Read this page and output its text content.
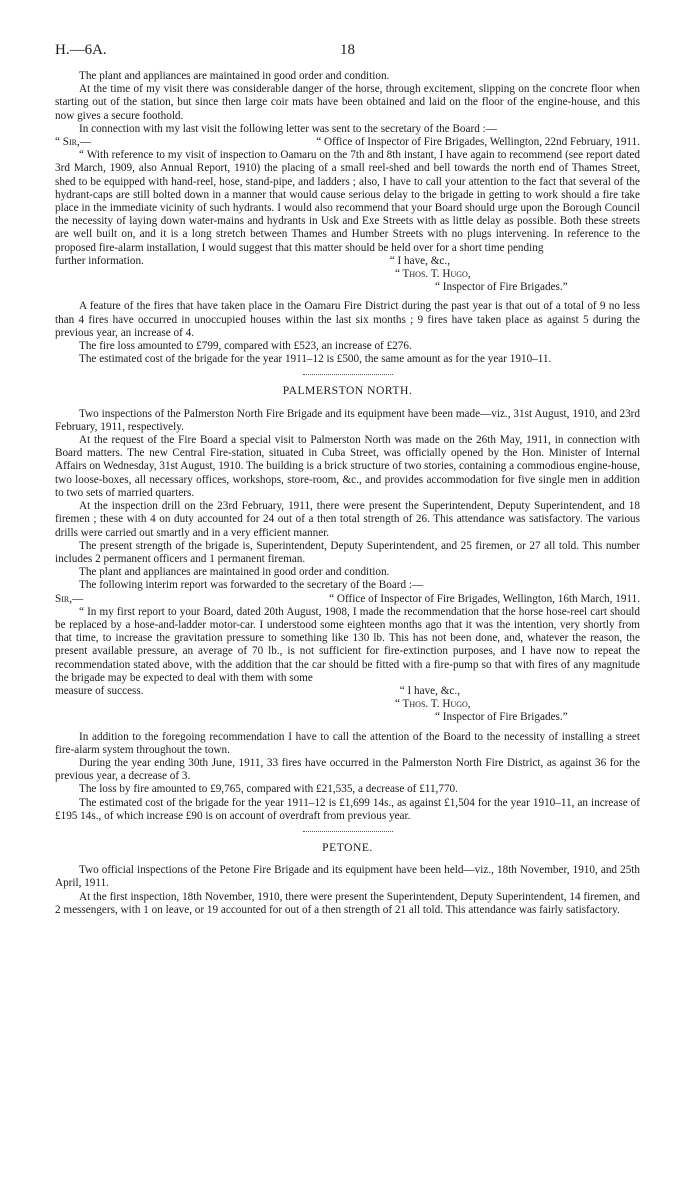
H.—6A.	18

The plant and appliances are maintained in good order and condition.

At the time of my visit there was considerable danger of the horse, through excitement, slipping on the concrete floor when starting out of the station, but since then large coir mats have been obtained and laid on the floor of the engine-house, and this now gives a secure foothold.

In connection with my last visit the following letter was sent to the secretary of the Board :—

“ Sir,—	“ Office of Inspector of Fire Brigades, Wellington, 22nd February, 1911.

“ With reference to my visit of inspection to Oamaru on the 7th and 8th instant, I have again to recommend (see report dated 3rd March, 1909, also Annual Report, 1910) the placing of a small reel-shed and bell towards the north end of Thames Street, shed to be equipped with hand-reel, hose, stand-pipe, and ladders ; also, I have to call your attention to the fact that several of the hydrant-caps are still bolted down in a manner that would cause serious delay to the brigade in getting to work should a fire take place in the immediate vicinity of such hydrants. I would also recommend that your Board should urge upon the Borough Council the necessity of laying down water-mains and hydrants in Usk and Exe Streets with as little delay as possible. Both these streets are well built on, and it is a long stretch between Thames and Humber Streets with no plugs intervening. In reference to the proposed fire-alarm installation, I would suggest that this matter should be held over for a short time pending

further information.	“ I have, &c.,
“ Thos. T. Hugo,
“ Inspector of Fire Brigades.”

A feature of the fires that have taken place in the Oamaru Fire District during the past year is that out of a total of 9 no less than 4 fires have occurred in unoccupied houses within the last six months ; 9 fires have taken place as against 5 during the previous year, an increase of 4.

The fire loss amounted to £799, compared with £523, an increase of £276.

The estimated cost of the brigade for the year 1911–12 is £500, the same amount as for the year 1910–11.

PALMERSTON NORTH.

Two inspections of the Palmerston North Fire Brigade and its equipment have been made—viz., 31st August, 1910, and 23rd February, 1911, respectively.

At the request of the Fire Board a special visit to Palmerston North was made on the 26th May, 1911, in connection with Board matters. The new Central Fire-station, situated in Cuba Street, was officially opened by the Hon. Minister of Internal Affairs on Wednesday, 31st August, 1910. The building is a brick structure of two stories, containing a commodious engine-house, two loose-boxes, all necessary offices, workshops, store-room, &c., and provides accommodation for five single men in addition to two sets of married quarters.

At the inspection drill on the 23rd February, 1911, there were present the Superintendent, Deputy Superintendent, and 18 firemen ; these with 4 on duty accounted for 24 out of a then total strength of 26. This attendance was satisfactory. The various drills were carried out smartly and in a very efficient manner.

The present strength of the brigade is, Superintendent, Deputy Superintendent, and 25 firemen, or 27 all told. This number includes 2 permanent officers and 1 permanent fireman.

The plant and appliances are maintained in good order and condition.

The following interim report was forwarded to the secretary of the Board :—

Sir,—	“ Office of Inspector of Fire Brigades, Wellington, 16th March, 1911.

“ In my first report to your Board, dated 20th August, 1908, I made the recommendation that the horse hose-reel cart should be replaced by a hose-and-ladder motor-car. I understood some eighteen months ago that it was the intention, very shortly from that time, to increase the gravitation pressure to something like 130 lb. This has not been done, and, whatever the reason, the present available pressure, an average of 70 lb., is not sufficient for fire-extinction purposes, and I have now to repeat the recommendation stated above, with the addition that the car should be fitted with a fire-pump so that with fires of any magnitude the brigade may be expected to deal with them with some

measure of success.	“ I have, &c.,
“ Thos. T. Hugo,
“ Inspector of Fire Brigades.”

In addition to the foregoing recommendation I have to call the attention of the Board to the necessity of installing a street fire-alarm system throughout the town.

During the year ending 30th June, 1911, 33 fires have occurred in the Palmerston North Fire District, as against 36 for the previous year, a decrease of 3.

The loss by fire amounted to £9,765, compared with £21,535, a decrease of £11,770.

The estimated cost of the brigade for the year 1911–12 is £1,699 14s., as against £1,504 for the year 1910–11, an increase of £195 14s., of which increase £90 is on account of overdraft from previous year.

PETONE.

Two official inspections of the Petone Fire Brigade and its equipment have been held—viz., 18th November, 1910, and 25th April, 1911.

At the first inspection, 18th November, 1910, there were present the Superintendent, Deputy Superintendent, 14 firemen, and 2 messengers, with 1 on leave, or 19 accounted for out of a then strength of 21 all told. This attendance was fairly satisfactory.
